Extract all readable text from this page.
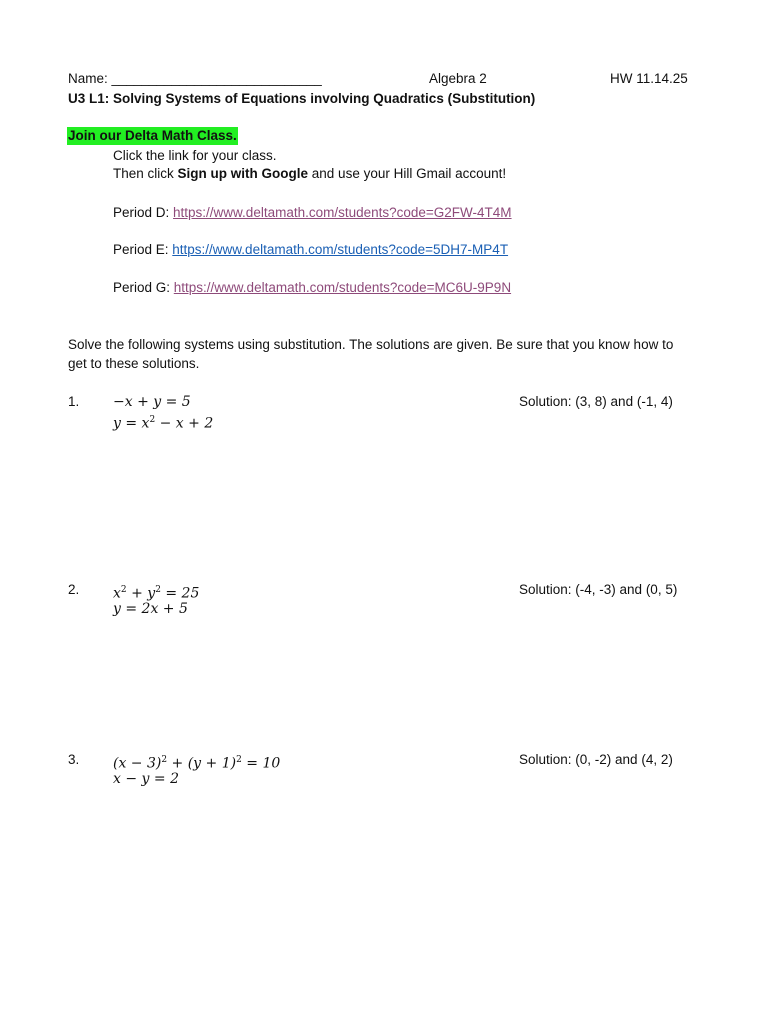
Name: ____________________________	Algebra 2	HW 11.14.25
U3 L1: Solving Systems of Equations involving Quadratics (Substitution)
Join our Delta Math Class.
Click the link for your class.
Then click Sign up with Google and use your Hill Gmail account!
Period D: https://www.deltamath.com/students?code=G2FW-4T4M
Period E: https://www.deltamath.com/students?code=5DH7-MP4T
Period G: https://www.deltamath.com/students?code=MC6U-9P9N
Solve the following systems using substitution. The solutions are given. Be sure that you know how to
get to these solutions.
1. −x + y = 5
$y = x^2 - x + 2$
Solution: (3, 8) and (-1, 4)
2. $x^2 + y^2 = 25$
y = 2x + 5
Solution: (-4, -3) and (0, 5)
3. $(x - 3)^2 + (y + 1)^2 = 10$
x − y = 2
Solution: (0, -2) and (4, 2)
